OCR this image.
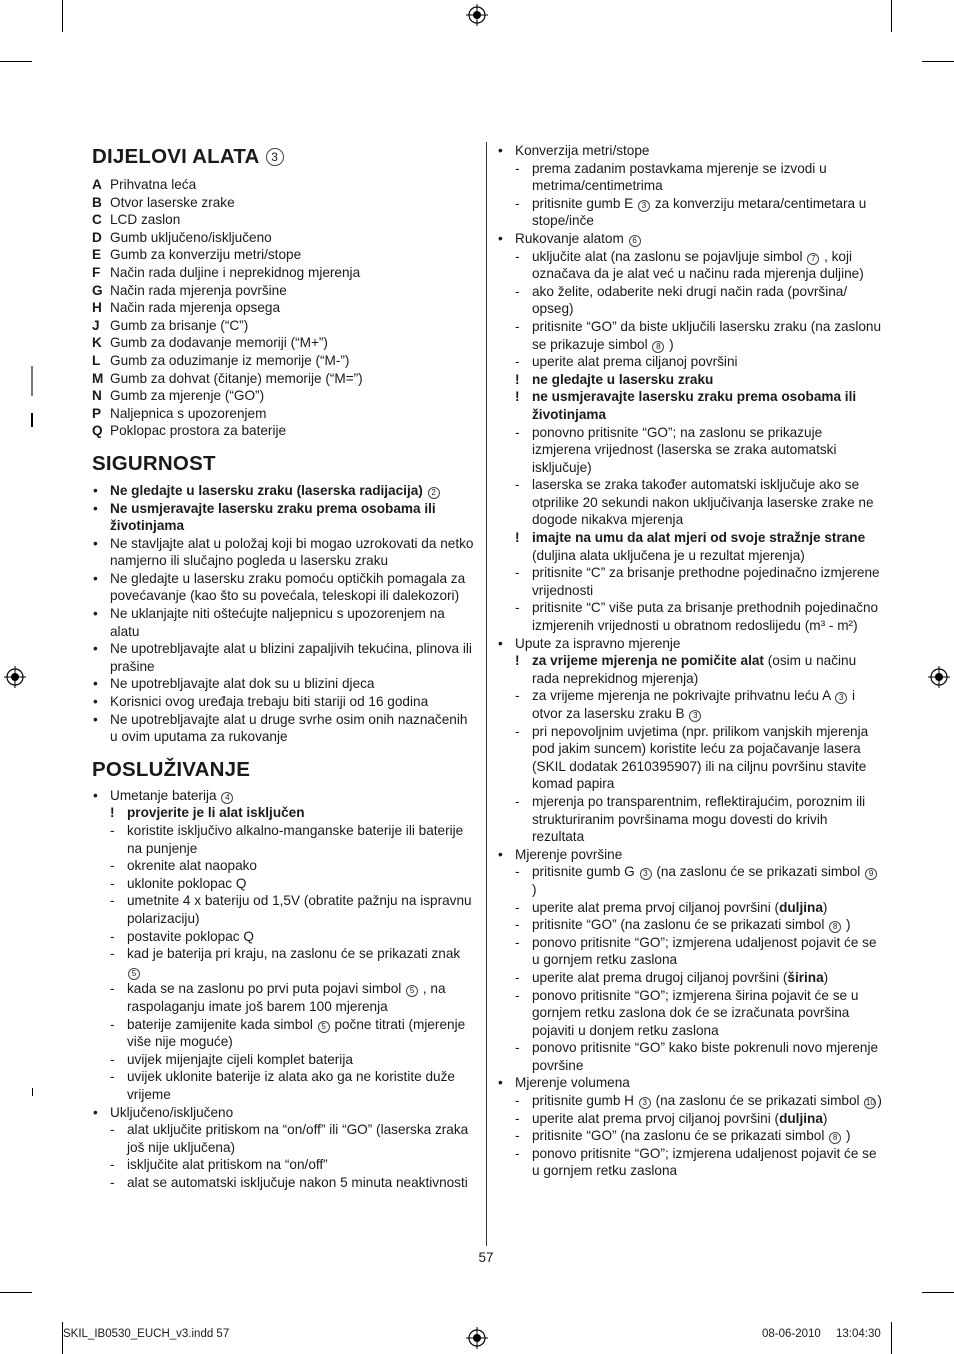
DIJELOVI ALATA 3
A Prihvatna leća
B Otvor laserske zrake
C LCD zaslon
D Gumb uključeno/isključeno
E Gumb za konverziju metri/stope
F Način rada duljine i neprekidnog mjerenja
G Način rada mjerenja površine
H Način rada mjerenja opsega
J Gumb za brisanje (“C”)
K Gumb za dodavanje memoriji (“M+”)
L Gumb za oduzimanje iz memorije (“M-”)
M Gumb za dohvat (čitanje) memorije (“M=”)
N Gumb za mjerenje (“GO”)
P Naljepnica s upozorenjem
Q Poklopac prostora za baterije
SIGURNOST
• Ne gledajte u lasersku zraku (laserska radijacija) 2
• Ne usmjeravajte lasersku zraku prema osobama ili životinjama
• Ne stavljajte alat u položaj koji bi mogao uzrokovati da netko namjerno ili slučajno pogleda u lasersku zraku
• Ne gledajte u lasersku zraku pomoću optičkih pomagala za povećavanje (kao što su povećala, teleskopi ili dalekozori)
• Ne uklanjajte niti oštećujte naljepnicu s upozorenjem na alatu
• Ne upotrebljavajte alat u blizini zapaljivih tekućina, plinova ili prašine
• Ne upotrebljavajte alat dok su u blizini djeca
• Korisnici ovog uređaja trebaju biti stariji od 16 godina
• Ne upotrebljavajte alat u druge svrhe osim onih naznačenih u ovim uputama za rukovanje
POSLUŽIVANJE
• Umetanje baterija 4
! provjerite je li alat isključen
- koristite isključivo alkalno-manganske baterije ili baterije na punjenje
- okrenite alat naopako
- uklonite poklopac Q
- umetnite 4 x bateriju od 1,5V (obratite pažnju na ispravnu polarizaciju)
- postavite poklopac Q
- kad je baterija pri kraju, na zaslonu će se prikazati znak 5
- kada se na zaslonu po prvi puta pojavi simbol 5 , na raspolaganju imate još barem 100 mjerenja
- baterije zamijenite kada simbol 5 počne titrati (mjerenje više nije moguće)
- uvijek mijenjajte cijeli komplet baterija
- uvijek uklonite baterije iz alata ako ga ne koristite duže vrijeme
• Uključeno/isključeno
- alat uključite pritiskom na “on/off” ili “GO” (laserska zraka još nije uključena)
- isključite alat pritiskom na “on/off”
- alat se automatski isključuje nakon 5 minuta neaktivnosti
• Konverzija metri/stope
- prema zadanim postavkama mjerenje se izvodi u metrima/centimetrima
- pritisnite gumb E 3 za konverziju metara/centimetara u stope/inče
• Rukovanje alatom 6
- uključite alat (na zaslonu se pojavljuje simbol 7 , koji označava da je alat već u načinu rada mjerenja duljine)
- ako želite, odaberite neki drugi način rada (površina/ opseg)
- pritisnite “GO” da biste uključili lasersku zraku (na zaslonu se prikazuje simbol 8 )
- uperite alat prema ciljanoj površini
! ne gledajte u lasersku zraku
! ne usmjeravajte lasersku zraku prema osobama ili životinjama
- ponovno pritisnite “GO”; na zaslonu se prikazuje izmjerena vrijednost (laserska se zraka automatski isključuje)
- laserska se zraka također automatski isključuje ako se otprilike 20 sekundi nakon uključivanja laserske zrake ne dogode nikakva mjerenja
! imajte na umu da alat mjeri od svoje stražnje strane (duljina alata uključena je u rezultat mjerenja)
- pritisnite “C” za brisanje prethodne pojedinačno izmjerene vrijednosti
- pritisnite “C” više puta za brisanje prethodnih pojedinačno izmjerenih vrijednosti u obratnom redoslijedu (m³ - m²)
• Upute za ispravno mjerenje
! za vrijeme mjerenja ne pomičite alat (osim u načinu rada neprekidnog mjerenja)
- za vrijeme mjerenja ne pokrivajte prihvatnu leću A 3 i otvor za lasersku zraku B 3
- pri nepovoljnim uvjetima (npr. prilikom vanjskih mjerenja pod jakim suncem) koristite leću za pojačavanje lasera (SKIL dodatak 2610395907) ili na ciljnu površinu stavite komad papira
- mjerenja po transparentnim, reflektirajućim, poroznim ili strukturiranim površinama mogu dovesti do krivih rezultata
• Mjerenje površine
- pritisnite gumb G 3 (na zaslonu će se prikazati simbol 9)
- uperite alat prema prvoj ciljanoj površini (duljina)
- pritisnite “GO” (na zaslonu će se prikazati simbol 8 )
- ponovo pritisnite “GO”; izmjerena udaljenost pojavit će se u gornjem retku zaslona
- uperite alat prema drugoj ciljanoj površini (širina)
- ponovo pritisnite “GO”; izmjerena širina pojavit će se u gornjem retku zaslona dok će se izračunata površina pojaviti u donjem retku zaslona
- ponovo pritisnite “GO” kako biste pokrenuli novo mjerenje površine
• Mjerenje volumena
- pritisnite gumb H 3 (na zaslonu će se prikazati simbol 10 )
- uperite alat prema prvoj ciljanoj površini (duljina)
- pritisnite “GO” (na zaslonu će se prikazati simbol 8 )
- ponovo pritisnite “GO”; izmjerena udaljenost pojavit će se u gornjem retku zaslona
57
SKIL_IB0530_EUCH_v3.indd 57	08-06-2010 13:04:30
